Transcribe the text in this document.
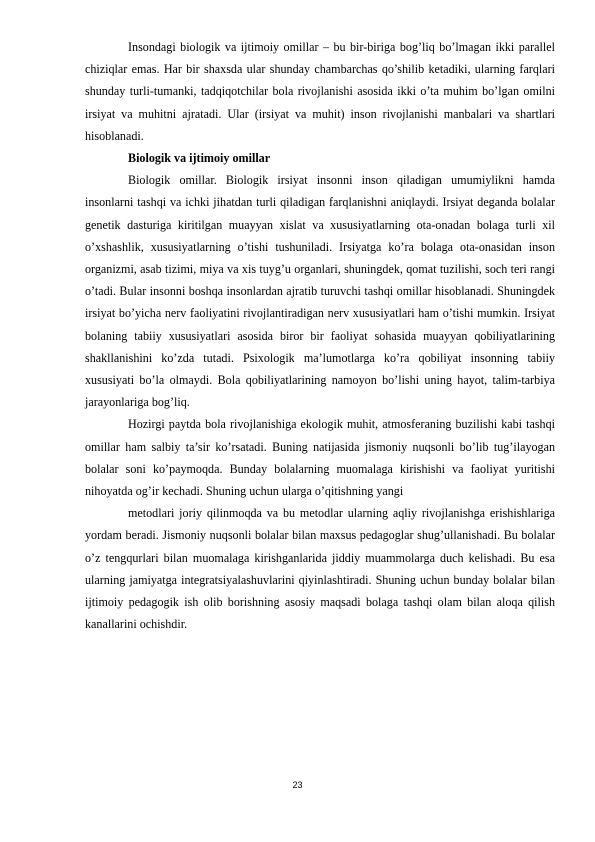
Insondagi biologik va ijtimoiy omillar – bu bir-biriga bog’liq bo’lmagan ikki parallel chiziqlar emas. Har bir shaxsda ular shunday chambarchas qo’shilib ketadiki, ularning farqlari shunday turli-tumanki, tadqiqotchilar bola rivojlanishi asosida ikki o’ta muhim bo’lgan omilni irsiyat va muhitni ajratadi. Ular (irsiyat va muhit) inson rivojlanishi manbalari va shartlari hisoblanadi.

Biologik va ijtimoiy omillar

Biologik omillar. Biologik irsiyat insonni inson qiladigan umumiylikni hamda insonlarni tashqi va ichki jihatdan turli qiladigan farqlanishni aniqlaydi. Irsiyat deganda bolalar genetik dasturiga kiritilgan muayyan xislat va xususiyatlarning ota-onadan bolaga turli xil o’xshashlik, xususiyatlarning o’tishi tushuniladi. Irsiyatga ko’ra bolaga ota-onasidan inson organizmi, asab tizimi, miya va xis tuyg’u organlari, shuningdek, qomat tuzilishi, soch teri rangi o’tadi. Bular insonni boshqa insonlardan ajratib turuvchi tashqi omillar hisoblanadi. Shuningdek irsiyat bo’yicha nerv faoliyatini rivojlantiradigan nerv xususiyatlari ham o’tishi mumkin. Irsiyat bolaning tabiiy xususiyatlari asosida biror bir faoliyat sohasida muayyan qobiliyatlarining shakllanishini ko’zda tutadi. Psixologik ma’lumotlarga ko’ra qobiliyat insonning tabiiy xususiyati bo’la olmaydi. Bola qobiliyatlarining namoyon bo’lishi uning hayot, talim-tarbiya jarayonlariga bog’liq.

Hozirgi paytda bola rivojlanishiga ekologik muhit, atmosferaning buzilishi kabi tashqi omillar ham salbiy ta’sir ko’rsatadi. Buning natijasida jismoniy nuqsonli bo’lib tug’ilayogan bolalar soni ko’paymoqda. Bunday bolalarning muomalaga kirishishi va faoliyat yuritishi nihoyatda og’ir kechadi. Shuning uchun ularga o’qitishning yangi

metodlari joriy qilinmoqda va bu metodlar ularning aqliy rivojlanishga erishishlariga yordam beradi. Jismoniy nuqsonli bolalar bilan maxsus pedagoglar shug’ullanishadi. Bu bolalar o’z tengqurlari bilan muomalaga kirishganlarida jiddiy muammolarga duch kelishadi. Bu esa ularning jamiyatga integratsiyalashuvlarini qiyinlashtiradi. Shuning uchun bunday bolalar bilan ijtimoiy pedagogik ish olib borishning asosiy maqsadi bolaga tashqi olam bilan aloqa qilish kanallarini ochishdir.

23
